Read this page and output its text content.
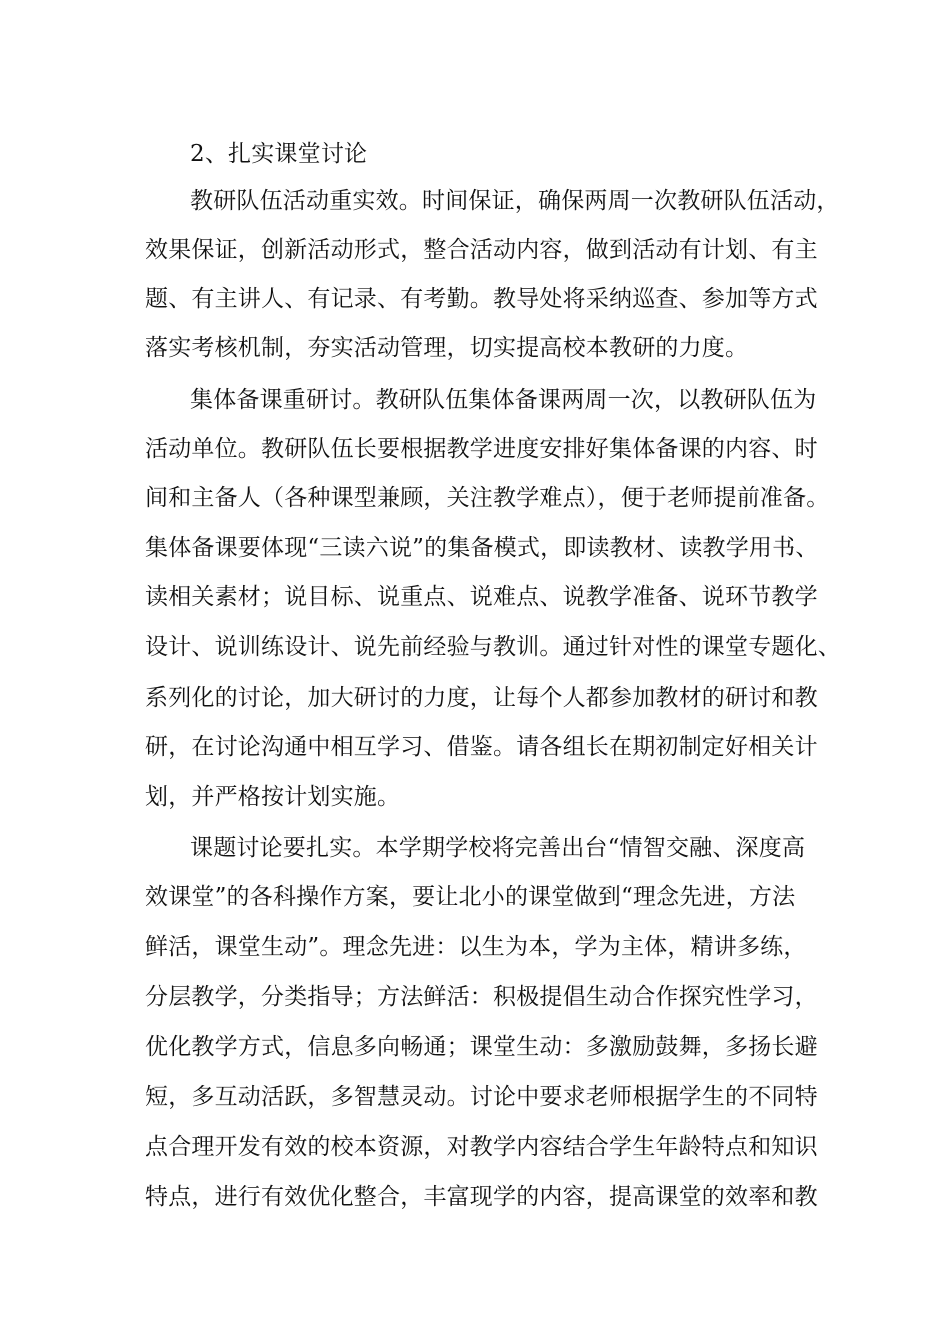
2、扎实课堂讨论
教研队伍活动重实效。时间保证，确保两周一次教研队伍活动，
效果保证，创新活动形式，整合活动内容，做到活动有计划、有主
题、有主讲人、有记录、有考勤。教导处将采纳巡查、参加等方式
落实考核机制，夯实活动管理，切实提高校本教研的力度。
集体备课重研讨。教研队伍集体备课两周一次，以教研队伍为
活动单位。教研队伍长要根据教学进度安排好集体备课的内容、时
间和主备人（各种课型兼顾，关注教学难点），便于老师提前准备。
集体备课要体现“三读六说”的集备模式，即读教材、读教学用书、
读相关素材；说目标、说重点、说难点、说教学准备、说环节教学
设计、说训练设计、说先前经验与教训。通过针对性的课堂专题化、
系列化的讨论，加大研讨的力度，让每个人都参加教材的研讨和教
研，在讨论沟通中相互学习、借鉴。请各组长在期初制定好相关计
划，并严格按计划实施。
课题讨论要扎实。本学期学校将完善出台“情智交融、深度高
效课堂”的各科操作方案，要让北小的课堂做到“理念先进，方法
鲜活，课堂生动”。理念先进：以生为本，学为主体，精讲多练，
分层教学，分类指导；方法鲜活：积极提倡生动合作探究性学习，
优化教学方式，信息多向畅通；课堂生动：多激励鼓舞，多扬长避
短，多互动活跃，多智慧灵动。讨论中要求老师根据学生的不同特
点合理开发有效的校本资源，对教学内容结合学生年龄特点和知识
特点，进行有效优化整合，丰富现学的内容，提高课堂的效率和教
